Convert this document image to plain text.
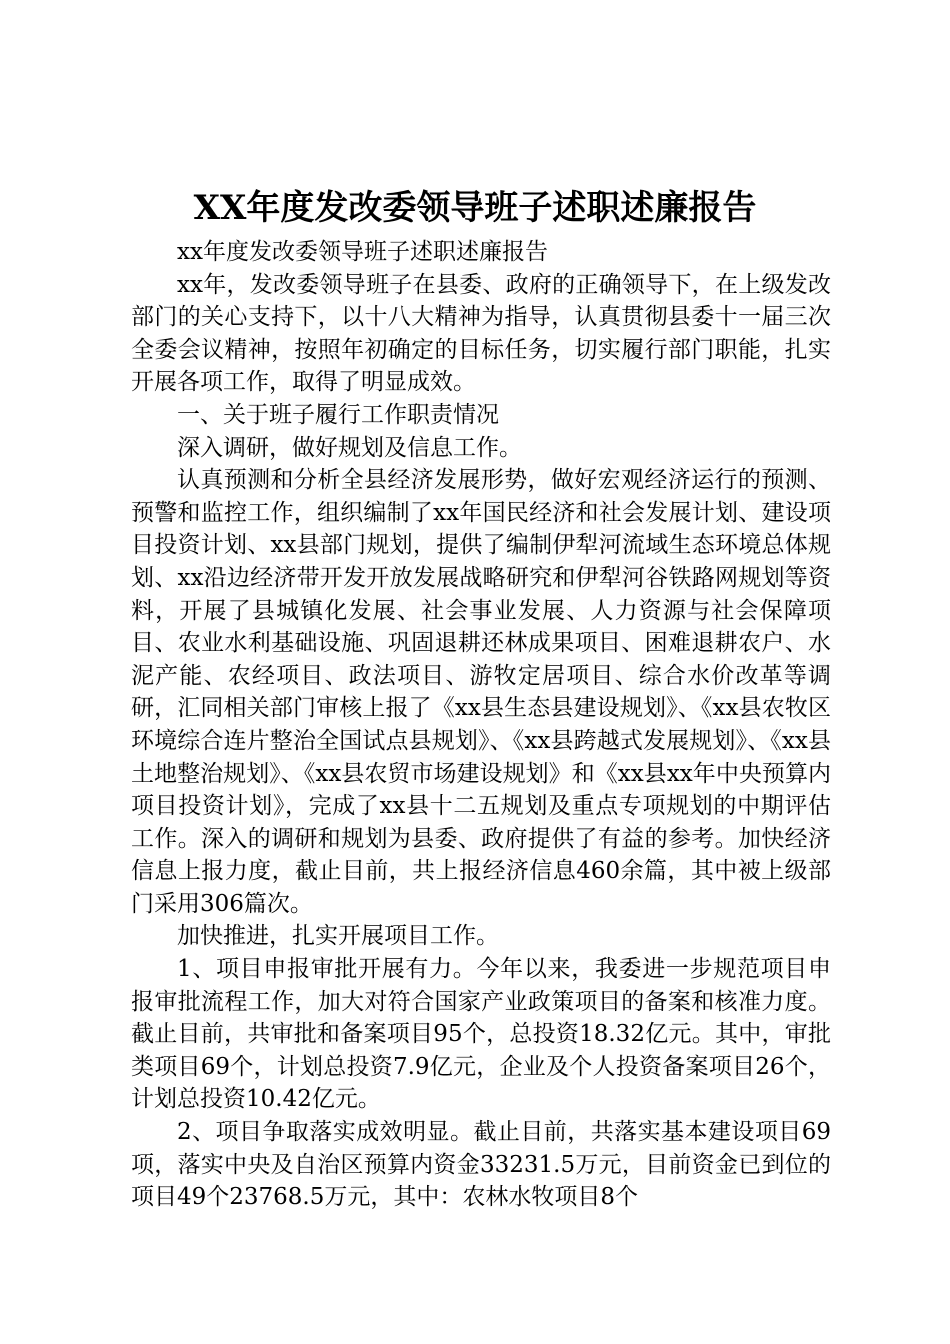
XX年度发改委领导班子述职述廉报告

xx年度发改委领导班子述职述廉报告

xx年，发改委领导班子在县委、政府的正确领导下，在上级发改部门的关心支持下，以十八大精神为指导，认真贯彻县委十一届三次全委会议精神，按照年初确定的目标任务，切实履行部门职能，扎实开展各项工作，取得了明显成效。

一、关于班子履行工作职责情况

深入调研，做好规划及信息工作。

认真预测和分析全县经济发展形势，做好宏观经济运行的预测、预警和监控工作，组织编制了xx年国民经济和社会发展计划、建设项目投资计划、xx县部门规划，提供了编制伊犁河流域生态环境总体规划、xx沿边经济带开发开放发展战略研究和伊犁河谷铁路网规划等资料，开展了县城镇化发展、社会事业发展、人力资源与社会保障项目、农业水利基础设施、巩固退耕还林成果项目、困难退耕农户、水泥产能、农经项目、政法项目、游牧定居项目、综合水价改革等调研，汇同相关部门审核上报了《xx县生态县建设规划》、《xx县农牧区环境综合连片整治全国试点县规划》、《xx县跨越式发展规划》、《xx县土地整治规划》、《xx县农贸市场建设规划》和《xx县xx年中央预算内项目投资计划》，完成了xx县十二五规划及重点专项规划的中期评估工作。深入的调研和规划为县委、政府提供了有益的参考。加快经济信息上报力度，截止目前，共上报经济信息460余篇，其中被上级部门采用306篇次。

加快推进，扎实开展项目工作。

1、项目申报审批开展有力。今年以来，我委进一步规范项目申报审批流程工作，加大对符合国家产业政策项目的备案和核准力度。截止目前，共审批和备案项目95个，总投资18.32亿元。其中，审批类项目69个，计划总投资7.9亿元，企业及个人投资备案项目26个，计划总投资10.42亿元。

2、项目争取落实成效明显。截止目前，共落实基本建设项目69项，落实中央及自治区预算内资金33231.5万元，目前资金已到位的项目49个23768.5万元，其中：农林水牧项目8个
